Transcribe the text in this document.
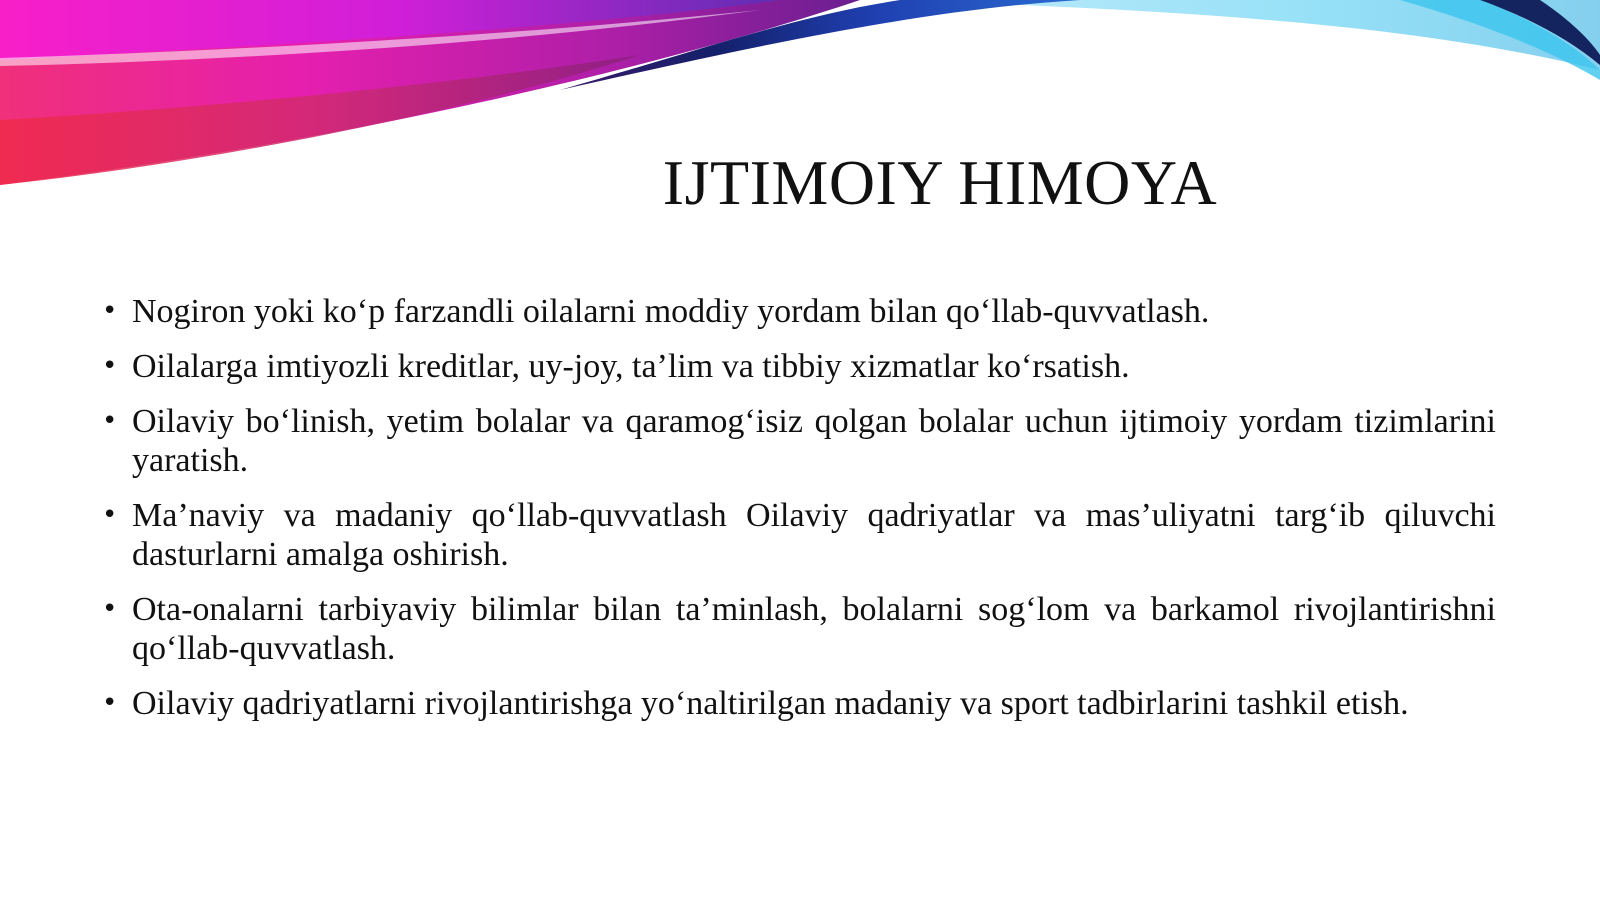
IJTIMOIY HIMOYA
• Nogiron yoki koʻp farzandli oilalarni moddiy yordam bilan qoʻllab-quvvatlash.
• Oilalarga imtiyozli kreditlar, uy-joy, ta’lim va tibbiy xizmatlar koʻrsatish.
• Oilaviy boʻlinish, yetim bolalar va qaramogʻisiz qolgan bolalar uchun ijtimoiy yordam tizimlarini yaratish.
• Ma’naviy va madaniy qoʻllab-quvvatlash Oilaviy qadriyatlar va mas’uliyatni targʻib qiluvchi dasturlarni amalga oshirish.
• Ota-onalarni tarbiyaviy bilimlar bilan ta’minlash, bolalarni sogʻlom va barkamol rivojlantirishni qoʻllab-quvvatlash.
• Oilaviy qadriyatlarni rivojlantirishga yoʻnaltirilgan madaniy va sport tadbirlarini tashkil etish.
